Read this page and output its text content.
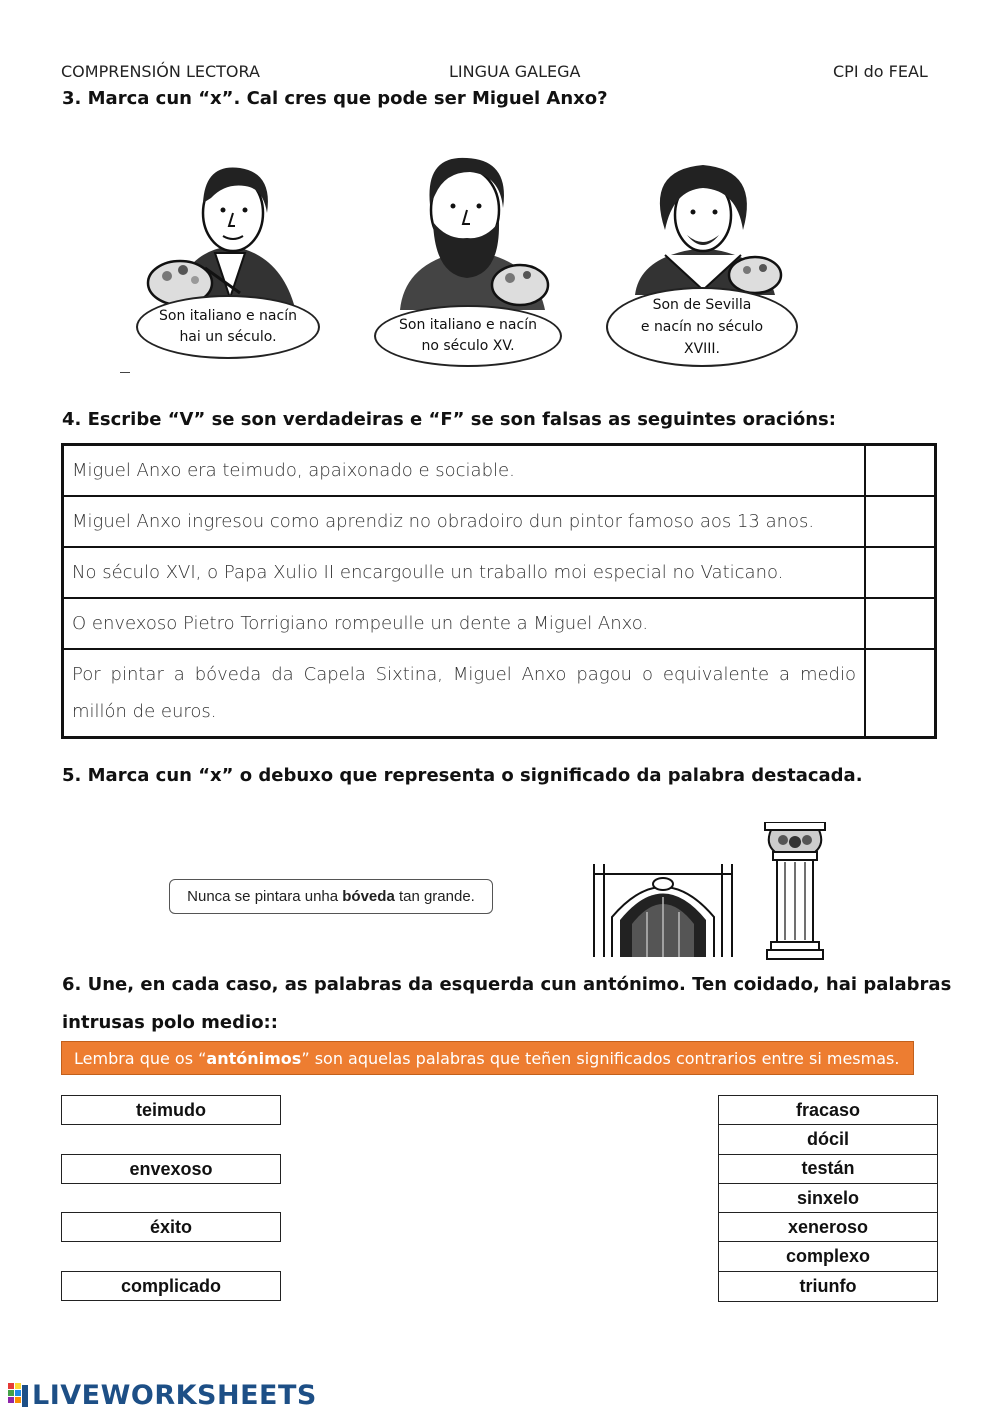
COMPRENSIÓN LECTORA	LINGUA GALEGA	CPI do FEAL
3. Marca cun “x”. Cal cres que pode ser Miguel Anxo?
Son italiano e nacín
hai un século.
Son italiano e nacín
no século XV.
Son de Sevilla
e nacín no século
XVIII.
4. Escribe “V” se son verdadeiras e “F” se son falsas as seguintes oracións:
Miguel Anxo era teimudo, apaixonado e sociable.	
Miguel Anxo ingresou como aprendiz no obradoiro dun pintor famoso aos 13 anos.	
No século XVI, o Papa Xulio II encargoulle un traballo moi especial no Vaticano.	
O envexoso Pietro Torrigiano rompeulle un dente a Miguel Anxo.	
Por pintar a bóveda da Capela Sixtina, Miguel Anxo pagou o equivalente a medio millón de euros.	
5. Marca cun “x” o debuxo que representa o significado da palabra destacada.
Nunca se pintara unha bóveda tan grande.
6. Une, en cada caso, as palabras da esquerda cun antónimo. Ten coidado, hai palabras
intrusas polo medio::
Lembra que os “ antónimos ” son aquelas palabras que teñen significados contrarios entre si mesmas.
teimudo
envexoso
éxito
complicado
fracaso
dócil
testán
sinxelo
xeneroso
complexo
triunfo
LIVEWORKSHEETS
